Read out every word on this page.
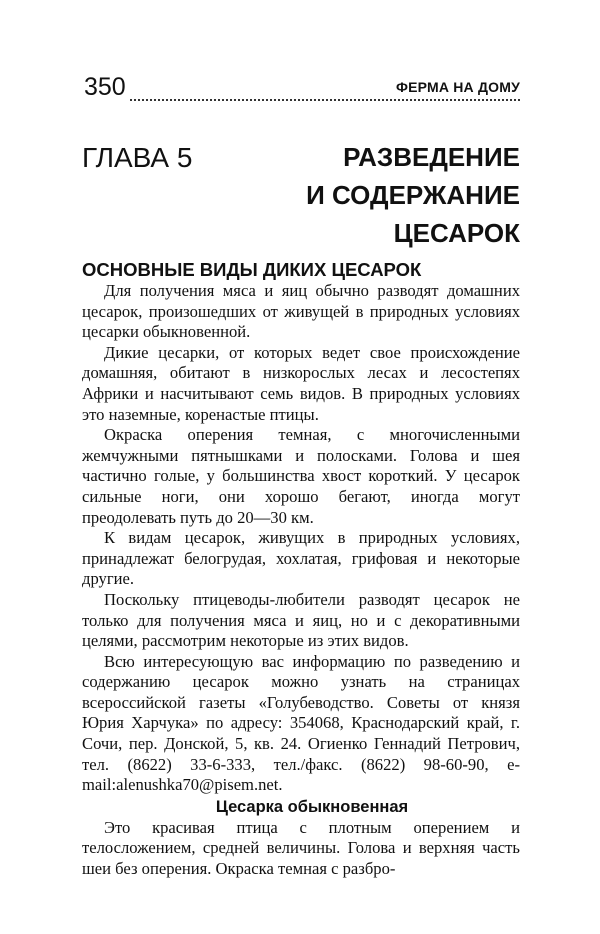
350	ФЕРМА НА ДОМУ
ГЛАВА 5	РАЗВЕДЕНИЕ
И СОДЕРЖАНИЕ
ЦЕСАРОК
ОСНОВНЫЕ ВИДЫ ДИКИХ ЦЕСАРОК

Для получения мяса и яиц обычно разводят домашних цесарок, произошедших от живущей в природных условиях цесарки обыкновенной.

Дикие цесарки, от которых ведет свое происхождение домашняя, обитают в низкорослых лесах и лесостепях Африки и насчитывают семь видов. В природных условиях это наземные, коренастые птицы.

Окраска оперения темная, с многочисленными жемчужными пятнышками и полосками. Голова и шея частично голые, у большинства хвост короткий. У цесарок сильные ноги, они хорошо бегают, иногда могут преодолевать путь до 20—30 км.

К видам цесарок, живущих в природных условиях, принадлежат белогрудая, хохлатая, грифовая и некоторые другие.

Поскольку птицеводы-любители разводят цесарок не только для получения мяса и яиц, но и с декоративными целями, рассмотрим некоторые из этих видов.

Всю интересующую вас информацию по разведению и содержанию цесарок можно узнать на страницах всероссийской газеты «Голубеводство. Советы от князя Юрия Харчука» по адресу: 354068, Краснодарский край, г. Сочи, пер. Донской, 5, кв. 24. Огиенко Геннадий Петрович, тел. (8622) 33-6-333, тел./факс. (8622) 98-60-90, e-mail:alenushka70@pisem.net.

Цесарка обыкновенная

Это красивая птица с плотным оперением и телосложением, средней величины. Голова и верхняя часть шеи без оперения. Окраска темная с разбро-
